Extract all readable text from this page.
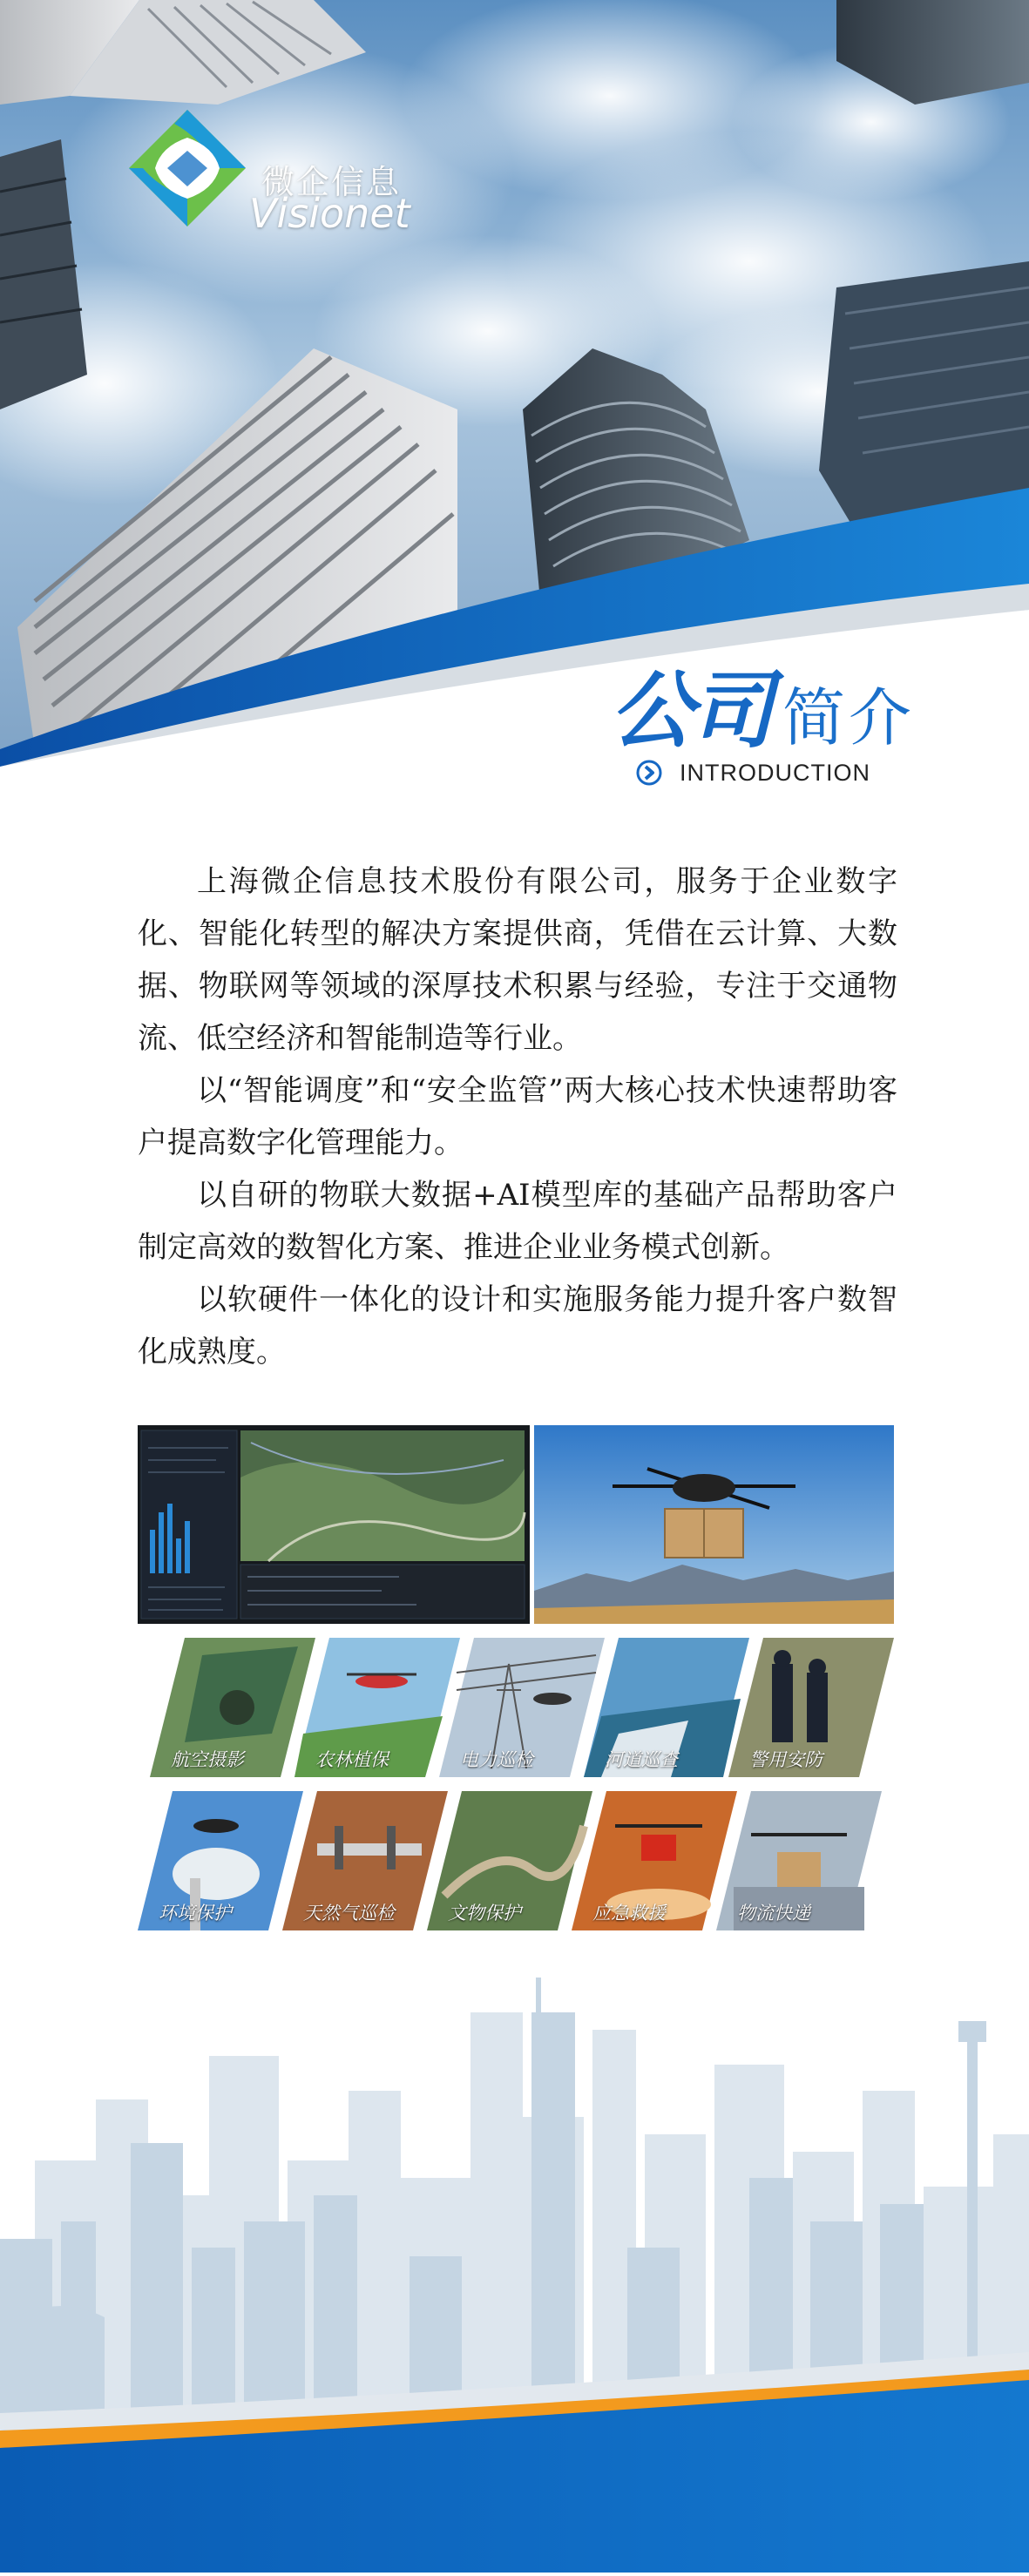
微企信息
Visionet
公司 简介
INTRODUCTION

上海微企信息技术股份有限公司，服务于企业数字化、智能化转型的解决方案提供商，凭借在云计算、大数据、物联网等领域的深厚技术积累与经验，专注于交通物流、低空经济和智能制造等行业。

以“智能调度”和“安全监管”两大核心技术快速帮助客户提高数字化管理能力。

以自研的物联大数据+AI模型库的基础产品帮助客户制定高效的数智化方案、推进企业业务模式创新。

以软硬件一体化的设计和实施服务能力提升客户数智化成熟度。

航空摄影	农林植保	电力巡检	河道巡查	警用安防
环境保护	天然气巡检	文物保护	应急救援	物流快递
